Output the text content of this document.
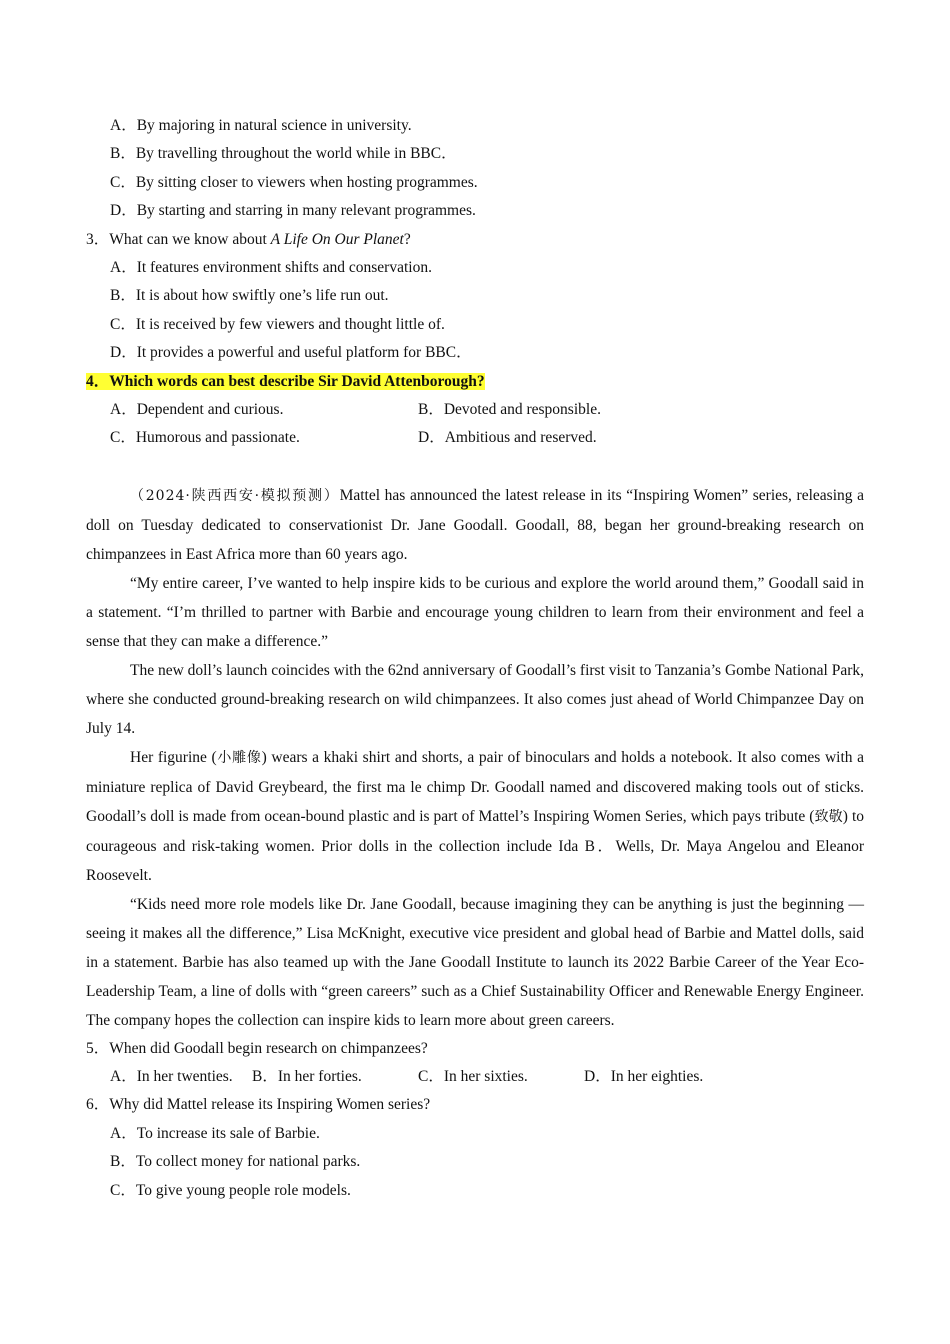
A．By majoring in natural science in university.
B．By travelling throughout the world while in BBC．
C．By sitting closer to viewers when hosting programmes.
D．By starting and starring in many relevant programmes.
3．What can we know about A Life On Our Planet?
A．It features environment shifts and conservation.
B．It is about how swiftly one’s life run out.
C．It is received by few viewers and thought little of.
D．It provides a powerful and useful platform for BBC．
4．Which words can best describe Sir David Attenborough?
A．Dependent and curious.	B．Devoted and responsible.
C．Humorous and passionate.	D．Ambitious and reserved.

（2024·陕西西安·模拟预测）Mattel has announced the latest release in its “Inspiring Women” series, releasing a doll on Tuesday dedicated to conservationist Dr. Jane Goodall. Goodall, 88, began her ground-breaking research on chimpanzees in East Africa more than 60 years ago.

“My entire career, I’ve wanted to help inspire kids to be curious and explore the world around them,” Goodall said in a statement. “I’m thrilled to partner with Barbie and encourage young children to learn from their environment and feel a sense that they can make a difference.”

The new doll’s launch coincides with the 62nd anniversary of Goodall’s first visit to Tanzania’s Gombe National Park, where she conducted ground-breaking research on wild chimpanzees. It also comes just ahead of World Chimpanzee Day on July 14.

Her figurine (小雕像) wears a khaki shirt and shorts, a pair of binoculars and holds a notebook. It also comes with a miniature replica of David Greybeard, the first ma le chimp Dr. Goodall named and discovered making tools out of sticks. Goodall’s doll is made from ocean-bound plastic and is part of Mattel’s Inspiring Women Series, which pays tribute (致敬) to courageous and risk-taking women. Prior dolls in the collection include Ida B．Wells, Dr. Maya Angelou and Eleanor Roosevelt.

“Kids need more role models like Dr. Jane Goodall, because imagining they can be anything is just the beginning — seeing it makes all the difference,” Lisa McKnight, executive vice president and global head of Barbie and Mattel dolls, said in a statement. Barbie has also teamed up with the Jane Goodall Institute to launch its 2022 Barbie Career of the Year Eco-Leadership Team, a line of dolls with “green careers” such as a Chief Sustainability Officer and Renewable Energy Engineer. The company hopes the collection can inspire kids to learn more about green careers.

5．When did Goodall begin research on chimpanzees?
A．In her twenties.	B．In her forties.	C．In her sixties.	D．In her eighties.
6．Why did Mattel release its Inspiring Women series?
A．To increase its sale of Barbie.
B．To collect money for national parks.
C．To give young people role models.
